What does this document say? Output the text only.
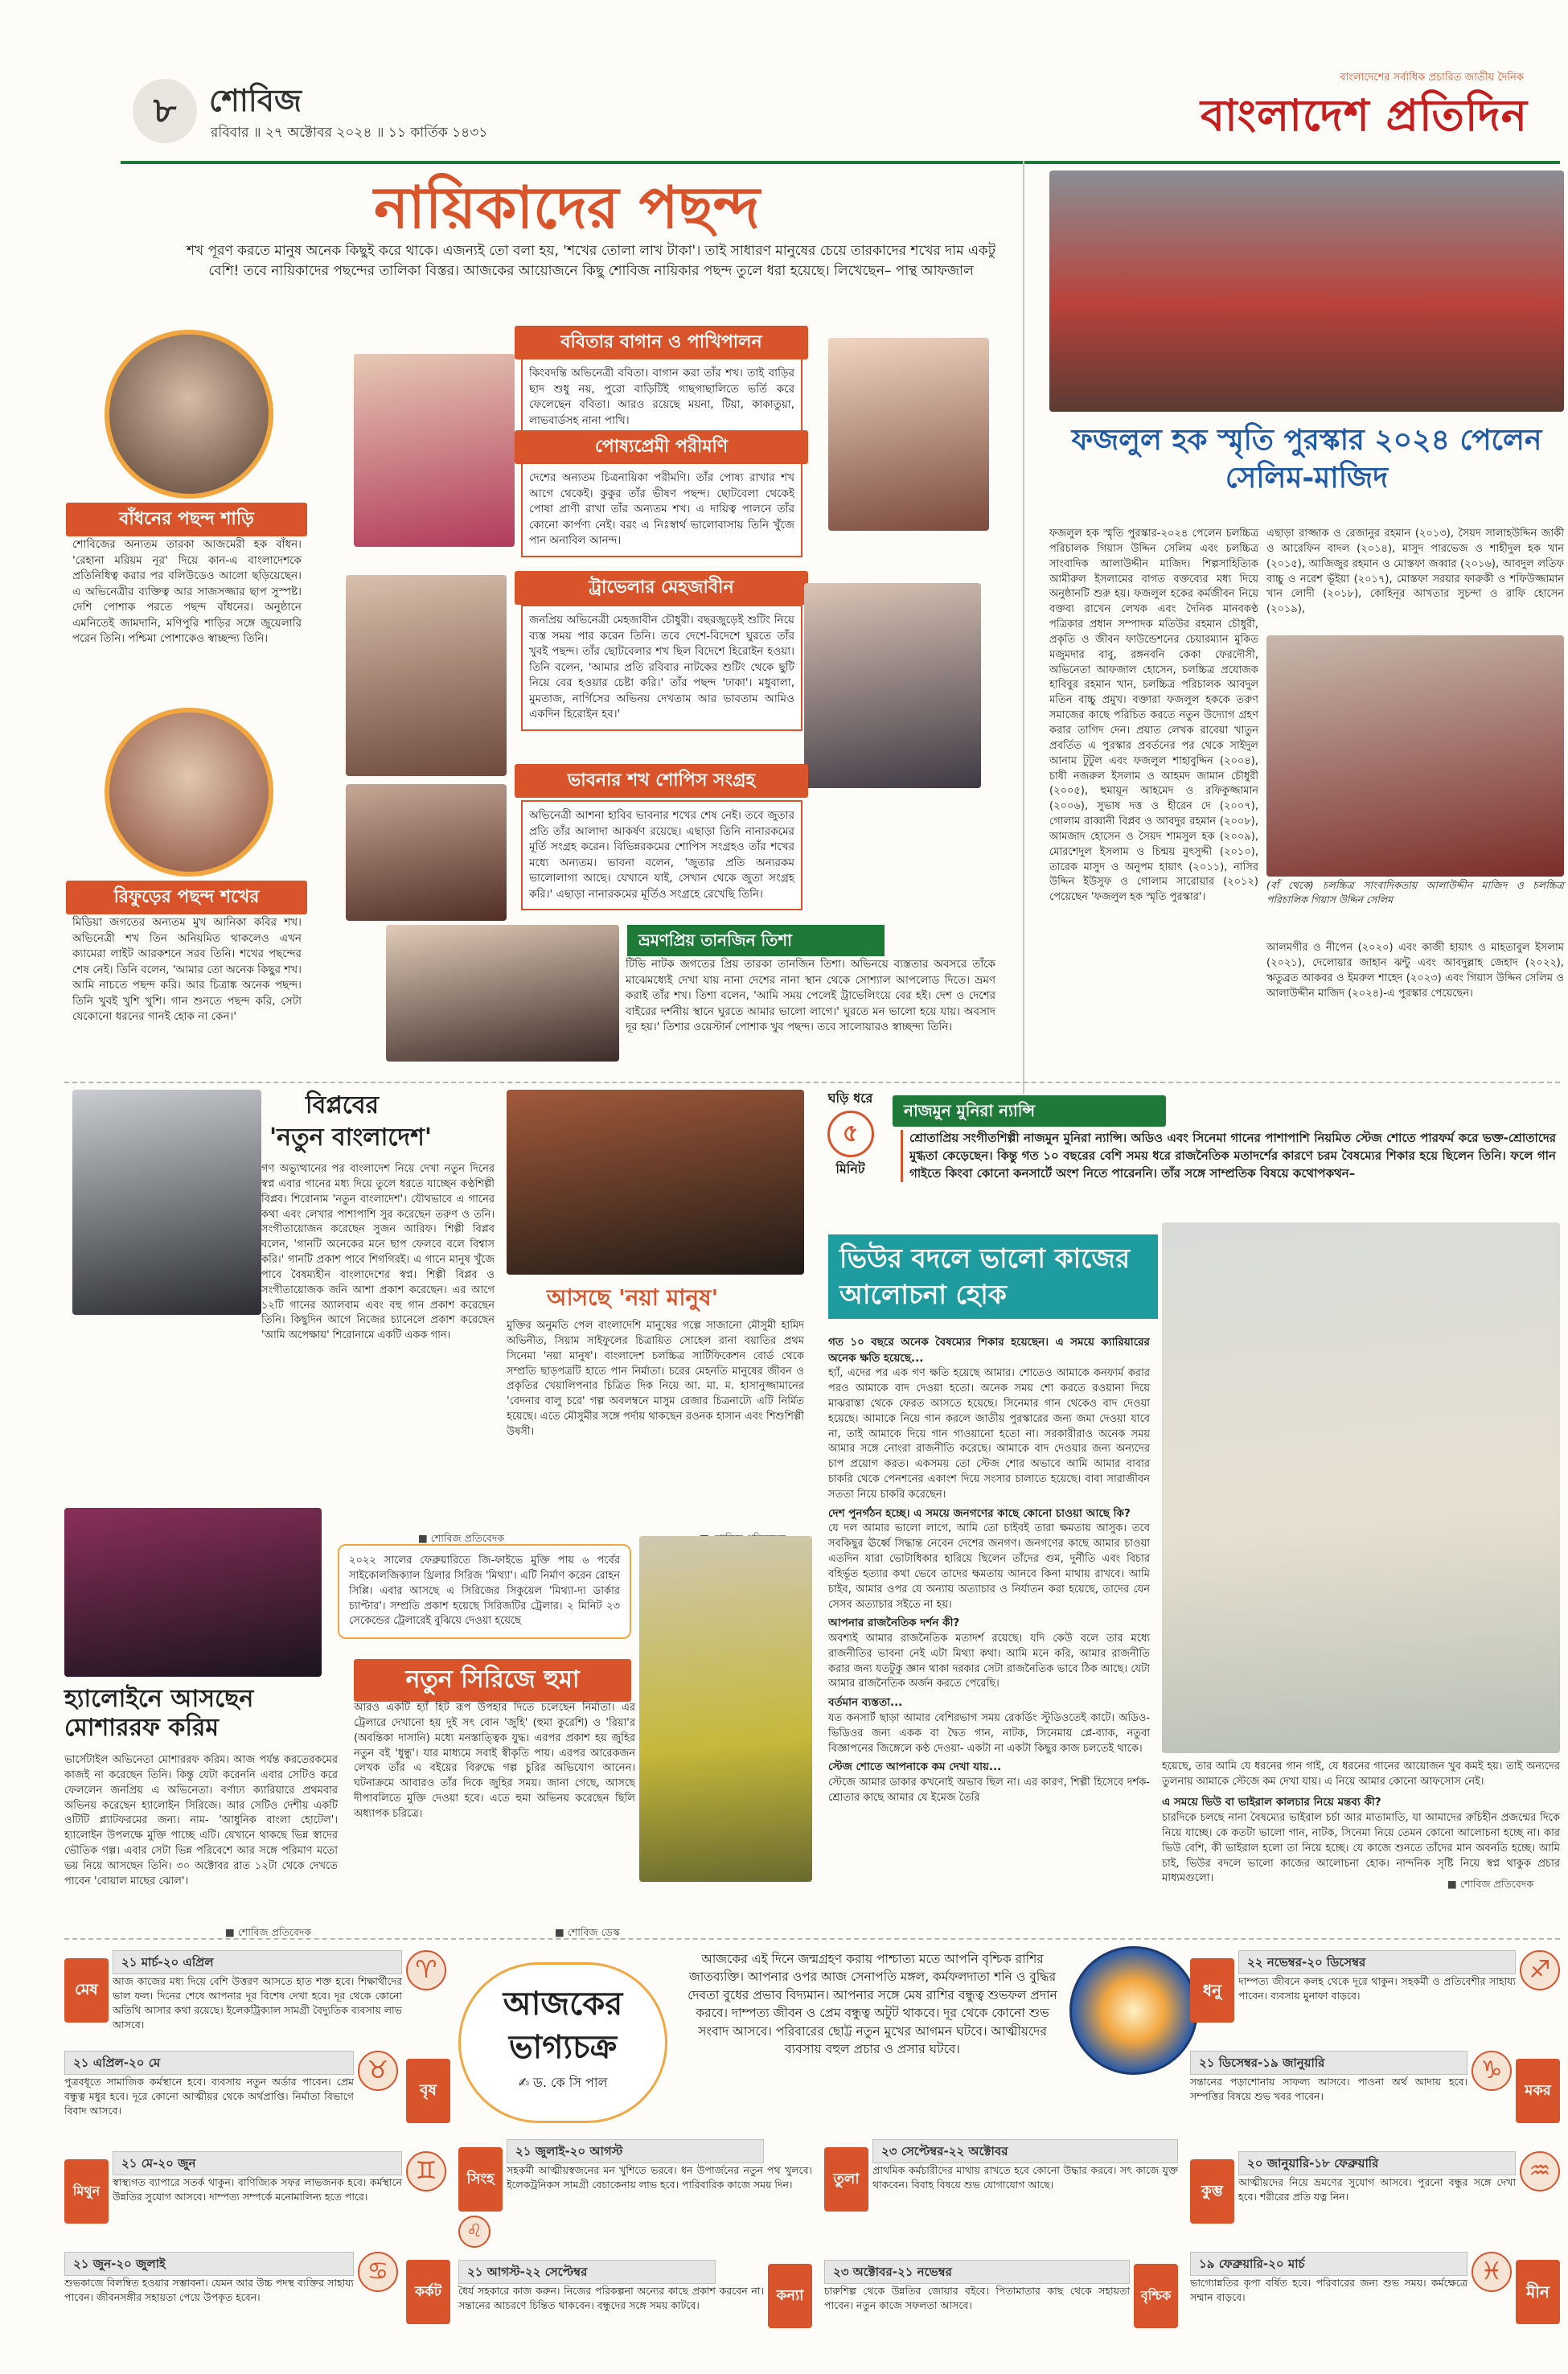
৮	শোবিজ
রবিবার ॥ ২৭ অক্টোবর ২০২৪ ॥ ১১ কার্তিক ১৪৩১
বাংলাদেশের সর্বাধিক প্রচারিত জাতীয় দৈনিক
বাংলাদেশ প্রতিদিন
নায়িকাদের পছন্দ
শখ পূরণ করতে মানুষ অনেক কিছুই করে থাকে। এজন্যই তো বলা হয়, 'শখের তোলা লাখ টাকা'। তাই সাধারণ মানুষের চেয়ে তারকাদের শখের দাম একটু বেশি! তবে নায়িকাদের পছন্দের তালিকা বিস্তর। আজকের আয়োজনে কিছু শোবিজ নায়িকার পছন্দ তুলে ধরা হয়েছে। লিখেছেন– পান্থ আফজাল
বাঁধনের পছন্দ শাড়ি
শোবিজের অন্যতম তারকা আজমেরী হক বাঁধন। 'রেহানা মরিয়ম নূর' দিয়ে কান-এ বাংলাদেশকে প্রতিনিধিত্ব করার পর বলিউডেও আলো ছড়িয়েছেন। এ অভিনেত্রীর ব্যক্তিত্ব আর সাজসজ্জার ছাপ সুস্পষ্ট। দেশি পোশাক পরতে পছন্দ বাঁধনের। অনুষ্ঠানে এমনিতেই জামদানি, মণিপুরি শাড়ির সঙ্গে জুয়েলারি পরেন তিনি। পশ্চিমা পোশাকেও স্বাচ্ছন্দ্য তিনি।
রিফুড়ের পছন্দ শখের
মিডিয়া জগতের অন্যতম মুখ আনিকা কবির শখ। অভিনেত্রী শখ তিন অনিয়মিত থাকলেও এখন ক্যামেরা লাইট আরকশনে সরব তিনি। শখের পছন্দের শেষ নেই। তিনি বলেন, 'আমার তো অনেক কিছুর শখ। আমি নাচতে পছন্দ করি। আর চিত্রাঙ্ক অনেক পছন্দ। তিনি খুবই খুশি খুশি। গান শুনতে পছন্দ করি, সেটা যেকোনো ধরনের গানই হোক না কেন।'
ববিতার বাগান ও পাখিপালন
কিংবদন্তি অভিনেত্রী ববিতা। বাগান করা তাঁর শখ। তাই বাড়ির ছাদ শুধু নয়, পুরো বাড়িটিই গাছগাছালিতে ভর্তি করে ফেলেছেন ববিতা। আরও রয়েছে ময়না, টিয়া, কাকাতুয়া, লাভবার্ডসহ নানা পাখি।
পোষ্যপ্রেমী পরীমণি
দেশের অন্যতম চিত্রনায়িকা পরীমণি। তাঁর পোষ্য রাখার শখ আগে থেকেই। কুকুর তাঁর ভীষণ পছন্দ। ছোটবেলা থেকেই পোষা প্রাণী রাখা তাঁর অন্যতম শখ। এ দায়িত্ব পালনে তাঁর কোনো কার্পণ্য নেই। বরং এ নিঃস্বার্থ ভালোবাসায় তিনি খুঁজে পান অনাবিল আনন্দ।
ট্রাভেলার মেহজাবীন
জনপ্রিয় অভিনেত্রী মেহজাবীন চৌধুরী। বছরজুড়েই শুটিং নিয়ে ব্যস্ত সময় পার করেন তিনি। তবে দেশে-বিদেশে ঘুরতে তাঁর খুবই পছন্দ। তাঁর ছোটবেলার শখ ছিল বিদেশে হিরোইন হওয়া। তিনি বলেন, 'আমার প্রতি রবিবার নাটকের শুটিং থেকে ছুটি নিয়ে বের হওয়ার চেষ্টা করি।' তাঁর পছন্দ 'ঢাকা'। মধুবালা, মুমতাজ, নার্গিসের অভিনয় দেখতাম আর ভাবতাম আমিও একদিন হিরোইন হব।'
ভাবনার শখ শোপিস সংগ্রহ
অভিনেত্রী আশনা হাবিব ভাবনার শখের শেষ নেই। তবে জুতার প্রতি তাঁর আলাদা আকর্ষণ রয়েছে। এছাড়া তিনি নানারকমের মূর্তি সংগ্রহ করেন। বিভিন্নরকমের শোপিস সংগ্রহও তাঁর শখের মধ্যে অন্যতম। ভাবনা বলেন, 'জুতার প্রতি অন্যরকম ভালোলাগা আছে। যেখানে যাই, সেখান থেকে জুতা সংগ্রহ করি।' এছাড়া নানারকমের মূর্তিও সংগ্রহে রেখেছি তিনি।
ভ্রমণপ্রিয় তানজিন তিশা
টিভি নাটক জগতের প্রিয় তারকা তানজিন তিশা। অভিনয়ে ব্যস্ততার অবসরে তাঁকে মাঝেমধ্যেই দেখা যায় নানা দেশের নানা স্থান থেকে সোশ্যাল আপলোড দিতে। ভ্রমণ করাই তাঁর শখ। তিশা বলেন, 'আমি সময় পেলেই ট্রাভেলিংয়ে বের হই। দেশ ও দেশের বাইরের দর্শনীয় স্থানে ঘুরতে আমার ভালো লাগে।' ঘুরতে মন ভালো হয়ে যায়। অবসাদ দূর হয়।' তিশার ওয়েস্টার্ন পোশাক খুব পছন্দ। তবে সালোয়ারও স্বাচ্ছন্দ্য তিনি।
ফজলুল হক স্মৃতি পুরস্কার ২০২৪ পেলেন সেলিম-মাজিদ
ফজলুল হক স্মৃতি পুরস্কার-২০২৪ পেলেন চলচ্চিত্র পরিচালক গিয়াস উদ্দিন সেলিম এবং চলচ্চিত্র সাংবাদিক আলাউদ্দীন মাজিদ। শিল্পসাহিত্যিক আমীরুল ইসলামের বাগত বক্তব্যের মধ্য দিয়ে অনুষ্ঠানটি শুরু হয়। ফজলুল হকের কর্মজীবন নিয়ে বক্তব্য রাখেন লেখক এবং দৈনিক মানবকণ্ঠ পত্রিকার প্রধান সম্পাদক মতিউর রহমান চৌধুরী, প্রকৃতি ও জীবন ফাউন্ডেশনের চেয়ারম্যান মুকিত মজুমদার বাবু, রঙ্গনবনি কেকা ফেরদৌসী, অভিনেতা আফজাল হোসেন, চলচ্চিত্র প্রযোজক হাবিবুর রহমান খান, চলচ্চিত্র পরিচালক আবদুল মতিন বাচ্চু প্রমুখ। বক্তারা ফজলুল হককে তরুণ সমাজের কাছে পরিচিত করতে নতুন উদ্যোগ গ্রহণ করার তাগিদ দেন। প্রয়াত লেখক রাবেয়া খাতুন প্রবর্তিত এ পুরস্কার প্রবর্তনের পর থেকে সাইদুল আনাম টুটুল এবং ফজলুল শাহাবুদ্দিন (২০০৪), চাষী নজরুল ইসলাম ও আহমদ জামান চৌধুরী (২০০৫), হুমায়ূন আহমেদ ও রফিকুজ্জামান (২০০৬), সুভাষ দত্ত ও হীরেন দে (২০০৭), গোলাম রাব্বানী বিপ্লব ও আবদুর রহমান (২০০৮), আমজাদ হোসেন ও সৈয়দ শামসুল হক (২০০৯), মোরশেদুল ইসলাম ও চিন্ময় মুৎসুদ্দী (২০১০), তারেক মাসুদ ও অনুপম হায়াৎ (২০১১), নাসির উদ্দিন ইউসুফ ও গোলাম সারোয়ার (২০১২) পেয়েছেন 'ফজলুল হক স্মৃতি পুরস্কার'।
এছাড়া রাজ্জাক ও রেজানুর রহমান (২০১৩), সৈয়দ সালাহউদ্দিন জাকী ও আরেফিন বাদল (২০১৪), মাসুদ পারভেজ ও শাহীদুল হক খান (২০১৫), আজিজুর রহমান ও মোস্তফা জব্বার (২০১৬), আবদুল লতিফ বাচ্চু ও নরেশ ভূঁইয়া (২০১৭), মোস্তফা সরয়ার ফারুকী ও শফিউজ্জামান খান লোদী (২০১৮), কোহিনূর আখতার সুচন্দা ও রাফি হোসেন (২০১৯),
(বাঁ থেকে) চলচ্চিত্র সাংবাদিকতায় আলাউদ্দীন মাজিদ ও চলচ্চিত্র পরিচালিক গিয়াস উদ্দিন সেলিম
আলমগীর ও নীপেন (২০২০) এবং কাজী হায়াৎ ও মাহতাবুল ইসলাম (২০২১), দেলোয়ার জাহান ঝন্টু এবং আবদুল্লাহ জেহাদ (২০২২), ঋতুব্রত আকবর ও ইমরুল শাহেদ (২০২৩) এবং গিয়াস উদ্দিন সেলিম ও আলাউদ্দীন মাজিদ (২০২৪)-এ পুরস্কার পেয়েছেন।
বিপ্লবের
'নতুন বাংলাদেশ'
গণ অভ্যুত্থানের পর বাংলাদেশ নিয়ে দেখা নতুন দিনের স্বপ্ন এবার গানের মধ্য দিয়ে তুলে ধরতে যাচ্ছেন কণ্ঠশিল্পী বিপ্লব। শিরোনাম 'নতুন বাংলাদেশ'। যৌথভাবে এ গানের কথা এবং লেখার পাশাপাশি সুর করেছেন তরুণ ও তনি। সংগীতায়োজন করেছেন সুজন আরিফ। শিল্পী বিপ্লব বলেন, 'গানটি অনেকের মনে ছাপ ফেলবে বলে বিশ্বাস করি।' গানটি প্রকাশ পাবে শিগগিরই। এ গানে মানুষ খুঁজে পাবে বৈষম্যহীন বাংলাদেশের স্বপ্ন। শিল্পী বিপ্লব ও সংগীতায়োজক জনি আশা প্রকাশ করেছেন। এর আগে ১২টি গানের অ্যালবাম এবং বহু গান প্রকাশ করেছেন তিনি। কিছুদিন আগে নিজের চ্যানেলে প্রকাশ করেছেন 'আমি অপেক্ষায়' শিরোনামে একটি একক গান।
■ শোবিজ প্রতিবেদক
আসছে 'নয়া মানুষ'
মুক্তির অনুমতি পেল বাংলাদেশি মানুষের গল্পে সাজানো মৌসুমী হামিদ অভিনীত, সিয়াম সাইফুলের চিত্রায়িত সোহেল রানা বয়াতির প্রথম সিনেমা 'নয়া মানুষ'। বাংলাদেশ চলচ্চিত্র সার্টিফিকেশন বোর্ড থেকে সম্প্রতি ছাড়পত্রটি হাতে পান নির্মাতা। চরের মেহনতি মানুষের জীবন ও প্রকৃতির খেয়ালিপনার চিত্রিত দিক নিয়ে আ. মা. ম. হাসানুজ্জামানের 'বেদনার বালু চরে' গল্প অবলম্বনে মাসুম রেজার চিত্রনাট্যে এটি নির্মিত হয়েছে। এতে মৌসুমীর সঙ্গে পর্দায় থাকছেন রওনক হাসান এবং শিশুশিল্পী উষসী।
ঘড়ি ধরে
৫
মিনিট
নাজমুন মুনিরা ন্যান্সি
শ্রোতাপ্রিয় সংগীতশিল্পী নাজমুন মুনিরা ন্যান্সি। অডিও এবং সিনেমা গানের পাশাপাশি নিয়মিত স্টেজ শোতে পারফর্ম করে ভক্ত-শ্রোতাদের মুগ্ধতা কেড়েছেন। কিন্তু গত ১০ বছরের বেশি সময় ধরে রাজনৈতিক মতাদর্শের কারণে চরম বৈষম্যের শিকার হয়ে ছিলেন তিনি। ফলে গান গাইতে কিংবা কোনো কনসার্টে অংশ নিতে পারেননি। তাঁর সঙ্গে সাম্প্রতিক বিষয়ে কথোপকথন–
ভিউর বদলে ভালো কাজের আলোচনা হোক
গত ১০ বছরে অনেক বৈষম্যের শিকার হয়েছেন। এ সময়ে ক্যারিয়ারের অনেক ক্ষতি হয়েছে...
হ্যাঁ, এদের পর এক গণ ক্ষতি হয়েছে আমার। শোতেও আমাকে কনফার্ম করার পরও আমাকে বাদ দেওয়া হতো। অনেক সময় শো করতে রওয়ানা দিয়ে মাঝরাস্তা থেকে ফেরত আসতে হয়েছে। সিনেমার গান থেকেও বাদ দেওয়া হয়েছে। আমাকে নিয়ে গান করলে জাতীয় পুরস্কারের জন্য জমা দেওয়া যাবে না, তাই আমাকে দিয়ে গান গাওয়ানো হতো না। সরকারীরাও অনেক সময় আমার সঙ্গে নোংরা রাজনীতি করেছে। আমাকে বাদ দেওয়ার জন্য অন্যদের চাপ প্রয়োগ করত। একসময় তো স্টেজ শোর অভাবে আমি আমার বাবার চাকরি থেকে পেনশনের একাংশ দিয়ে সংসার চালাতে হয়েছে। বাবা সারাজীবন সততা নিয়ে চাকরি করেছেন।
দেশ পুনর্গঠন হচ্ছে। এ সময়ে জনগণের কাছে কোনো চাওয়া আছে কি?
যে দল আমার ভালো লাগে, আমি তো চাইবই তারা ক্ষমতায় আসুক। তবে সবকিছুর ঊর্ধ্বে সিদ্ধান্ত নেবেন দেশের জনগণ। জনগণের কাছে আমার চাওয়া এতদিন যারা ভোটাধিকার হারিয়ে ছিলেন তাঁদের গুম, দুর্নীতি এবং বিচার বহির্ভূত হত্যার কথা ভেবে তাদের ক্ষমতায় আনবে কিনা মাথায় রাখবে। আমি চাইব, আমার ওপর যে অন্যায় অত্যাচার ও নির্যাতন করা হয়েছে, তাদের যেন সেসব অত্যাচার সইতে না হয়।
আপনার রাজনৈতিক দর্শন কী?
অবশ্যই আমার রাজনৈতিক মতাদর্শ রয়েছে। যদি কেউ বলে তার মধ্যে রাজনীতির ভাবনা নেই এটা মিথ্যা কথা। আমি মনে করি, আমার রাজনীতি করার জন্য যতটুকু জ্ঞান থাকা দরকার সেটা রাজনৈতিক ভাবে ঠিক আছে। যেটা আমার রাজনৈতিক অর্জন করতে পেরেছি।
বর্তমান ব্যস্ততা...
যত কনসার্ট ছাড়া আমার বেশিরভাগ সময় রেকর্ডিং স্টুডিওতেই কাটে। অডিও-ভিডিওর জন্য একক বা দ্বৈত গান, নাটক, সিনেমায় প্লে-ব্যাক, নতুবা বিজ্ঞাপনের জিঙ্গেলে কণ্ঠ দেওয়া- একটা না একটা কিছুর কাজ চলতেই থাকে।
স্টেজ শোতে আপনাকে কম দেখা যায়...
স্টেজে আমার ডাকার কখনোই অভাব ছিল না। এর কারণ, শিল্পী হিসেবে দর্শক-শ্রোতার কাছে আমার যে ইমেজ তৈরি
হয়েছে, তার আমি যে ধরনের গান গাই, যে ধরনের গানের আয়োজন খুব কমই হয়। তাই অন্যদের তুলনায় আমাকে স্টেজে কম দেখা যায়। এ নিয়ে আমার কোনো আফসোস নেই।
এ সময়ে ভিউ বা ভাইরাল কালচার নিয়ে মন্তব্য কী?
চারদিকে চলছে নানা বৈষম্যের ভাইরাল চর্চা আর মাতামাতি, যা আমাদের রুচিহীন প্রজন্মের দিকে নিয়ে যাচ্ছে। কে কতটা ভালো গান, নাটক, সিনেমা নিয়ে তেমন কোনো আলোচনা হচ্ছে না। কার ভিউ বেশি, কী ভাইরাল হলো তা নিয়ে হচ্ছে। যে কাজে শুনতে তাঁদের মান অবনতি হচ্ছে। আমি চাই, ভিউর বদলে ভালো কাজের আলোচনা হোক। নান্দনিক সৃষ্টি নিয়ে স্বপ্ন থাকুক প্রচার মাধ্যমগুলো।	■ শোবিজ প্রতিবেদক
হ্যালোইনে আসছেন মোশাররফ করিম
ভার্সেটাইল অভিনেতা মোশাররফ করিম। আজ পর্যন্ত করতেরকমের কাজই না করেছেন তিনি। কিন্তু যেটা করেননি এবার সেটিও করে ফেললেন জনপ্রিয় এ অভিনেতা। বর্ণাঢ্য ক্যারিয়ারে প্রথমবার অভিনয় করেছেন হ্যালোইন সিরিজে। আর সেটিও দেশীয় একটি ওটিটি প্ল্যাটফরমের জন্য। নাম- 'আধুনিক বাংলা হোটেল'। হ্যালোইন উপলক্ষে মুক্তি পাচ্ছে এটি। যেখানে থাকছে ভিন্ন স্বাদের ভৌতিক গল্প। এবার সেটা ভিন্ন পরিবেশে আর সঙ্গে পরিমাণ মতো ভয় নিয়ে আসছেন তিনি। ৩০ অক্টোবর রাত ১২টা থেকে দেখতে পাবেন 'বোয়াল মাছের ঝোল'।
■ শোবিজ প্রতিবেদক
২০২২ সালের ফেব্রুয়ারিতে জি-ফাইভে মুক্তি পায় ৬ পর্বের সাইকোলজিক্যাল থ্রিলার সিরিজ 'মিথ্যা'। এটি নির্মাণ করেন রোহন সিপ্পি। এবার আসছে এ সিরিজের সিকুয়েল 'মিথ্যা-দ্য ডার্কার চ্যাপ্টার'। সম্প্রতি প্রকাশ হয়েছে সিরিজটির ট্রেলার। ২ মিনিট ২৩ সেকেন্ডের ট্রেলারেই বুঝিয়ে দেওয়া হয়েছে
নতুন সিরিজে হুমা
আরও একটি হ্যাঁ হিট রূপ উপহার দিতে চলেছেন নির্মাতা। এর ট্রেলারে দেখানো হয় দুই সৎ বোন 'জুহি' (হুমা কুরেশি) ও 'রিয়া'র (অবন্তিকা দাসানি) মধ্যে মনস্তাত্ত্বিক যুদ্ধ। এরপর প্রকাশ হয় জুহির নতুন বই 'ধুন্ধু'। যার মাধ্যমে সবাই স্বীকৃতি পায়। এরপর আরেকজন লেখক তাঁর এ বইয়ের বিরুদ্ধে গল্প চুরির অভিযোগ আনেন। ঘটনাক্রমে আবারও তাঁর দিকে জুহির সময়। জানা গেছে, আসছে দীপাবলিতে মুক্তি দেওয়া হবে। এতে হুমা অভিনয় করেছেন ছিলি অধ্যাপক চরিত্রে।
■ শোবিজ ডেস্ক
মেষ
২১ মার্চ-২০ এপ্রিল	♈
আজ কাজের মধ্য দিয়ে বেশি উত্তরণ আসতে হাত শক্ত হবে। শিক্ষার্থীদের ভাল ফল। দিনের শেষে আপনার দূর বিশেষ দেখা হবে। দূর থেকে কোনো অতিথি আসার কথা রয়েছে। ইলেকট্রিক্যাল সামগ্রী বৈদ্যুতিক ব্যবসায় লাভ আসবে।
২১ এপ্রিল-২০ মে	♉
বৃষ
পুত্রবধূতে সামাজিক কর্মস্থানে হবে। ব্যবসায় নতুন অর্ডার পাবেন। প্রেম বন্ধুত্ব মধুর হবে। দূরে কোনো আত্মীয়র থেকে অর্থপ্রাপ্তি। নির্মাতা বিভাগে বিবাদ আসবে।
মিথুন
২১ মে-২০ জুন	♊
স্বাস্থ্যগত ব্যাপারে সতর্ক থাকুন। বাণিজ্যিক সফর লাভজনক হবে। কর্মস্থানে উন্নতির সুযোগ আসবে। দাম্পত্য সম্পর্কে মনোমালিন্য হতে পারে।
২১ জুন-২০ জুলাই	♋
কর্কট
শুভকাজে বিলম্বিত হওয়ার সম্ভাবনা। যেমন আর উচ্চ পদস্থ ব্যক্তির সাহায্য পাবেন। জীবনসঙ্গীর সহায়তা পেয়ে উপকৃত হবেন।
আজকের
ভাগ্যচক্র
✍ ড. কে সি পাল
আজকের এই দিনে জন্মগ্রহণ করায় পাশ্চাত্য মতে আপনি বৃশ্চিক রাশির জাতব্যক্তি। আপনার ওপর আজ সেনাপতি মঙ্গল, কর্মফলদাতা শনি ও বুদ্ধির দেবতা বুধের প্রভাব বিদ্যমান। আপনার সঙ্গে মেষ রাশির বন্ধুত্ব শুভফল প্রদান করবে। দাম্পত্য জীবন ও প্রেম বন্ধুত্ব অটুট থাকবে। দূর থেকে কোনো শুভ সংবাদ আসবে। পরিবারের ছোট্ট নতুন মুখের আগমন ঘটবে। আত্মীয়দের ব্যবসায় বহুল প্রচার ও প্রসার ঘটবে।
সিংহ
২১ জুলাই-২০ আগস্ট
♌
সহকর্মী আত্মীয়স্বজনের মন খুশিতে ভরবে। ধন উপার্জনের নতুন পথ খুলবে। ইলেকট্রনিকস সামগ্রী বেচাকেনায় লাভ হবে। পারিবারিক কাজে সময় দিন।
২১ আগস্ট-২২ সেপ্টেম্বর
কন্যা
ধৈর্য সহকারে কাজ করুন। নিজের পরিকল্পনা অন্যের কাছে প্রকাশ করবেন না। সন্তানের আচরণে চিন্তিত থাকবেন। বন্ধুদের সঙ্গে সময় কাটবে।
তুলা
২৩ সেপ্টেম্বর-২২ অক্টোবর
প্রাথমিক কর্মচারীদের মাথায় রাখতে হবে কোনো উদ্ধার করবে। সৎ কাজে যুক্ত থাকবেন। বিবাহ বিষয়ে শুভ যোগাযোগ আছে।
২৩ অক্টোবর-২১ নভেম্বর
বৃশ্চিক
চারুশিল্প থেকে উন্নতির জোয়ার বইবে। পিতামাতার কাছ থেকে সহায়তা পাবেন। নতুন কাজে সফলতা আসবে।
ধনু
২২ নভেম্বর-২০ ডিসেম্বর	♐
দাম্পত্য জীবনে কলহ থেকে দূরে থাকুন। সহকর্মী ও প্রতিবেশীর সাহায্য পাবেন। ব্যবসায় মুনাফা বাড়বে।
২১ ডিসেম্বর-১৯ জানুয়ারি	♑
মকর
সন্তানের পড়াশোনায় সাফল্য আসবে। পাওনা অর্থ আদায় হবে। সম্পত্তির বিষয়ে শুভ খবর পাবেন।
কুম্ভ
২০ জানুয়ারি-১৮ ফেব্রুয়ারি	♒
আত্মীয়দের নিয়ে ভ্রমণের সুযোগ আসবে। পুরনো বন্ধুর সঙ্গে দেখা হবে। শরীরের প্রতি যত্ন নিন।
১৯ ফেব্রুয়ারি-২০ মার্চ	♓
মীন
ভাগ্যোন্নতির কৃপা বর্ষিত হবে। পরিবারের জন্য শুভ সময়। কর্মক্ষেত্রে সম্মান বাড়বে।
